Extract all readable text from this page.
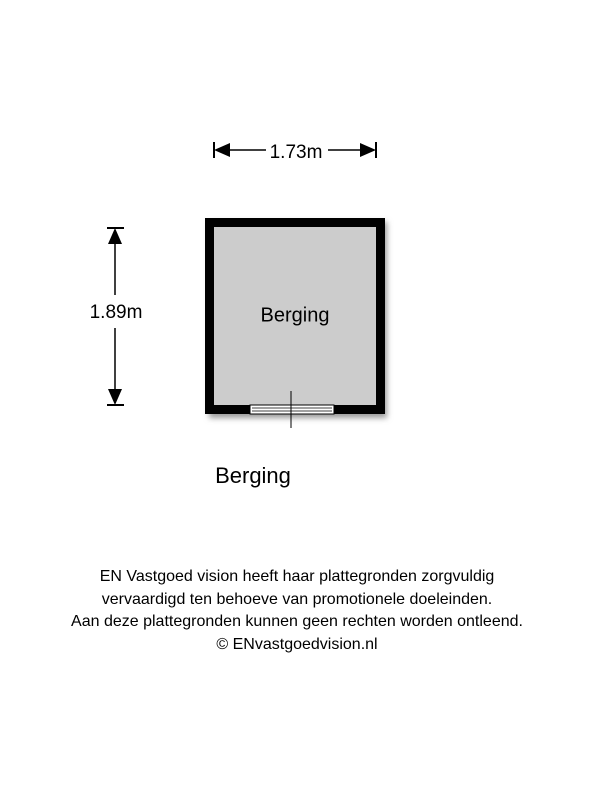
1.73m
1.89m	Berging
Berging
EN Vastgoed vision heeft haar plattegronden zorgvuldig
vervaardigd ten behoeve van promotionele doeleinden.
Aan deze plattegronden kunnen geen rechten worden ontleend.
© ENvastgoedvision.nl
